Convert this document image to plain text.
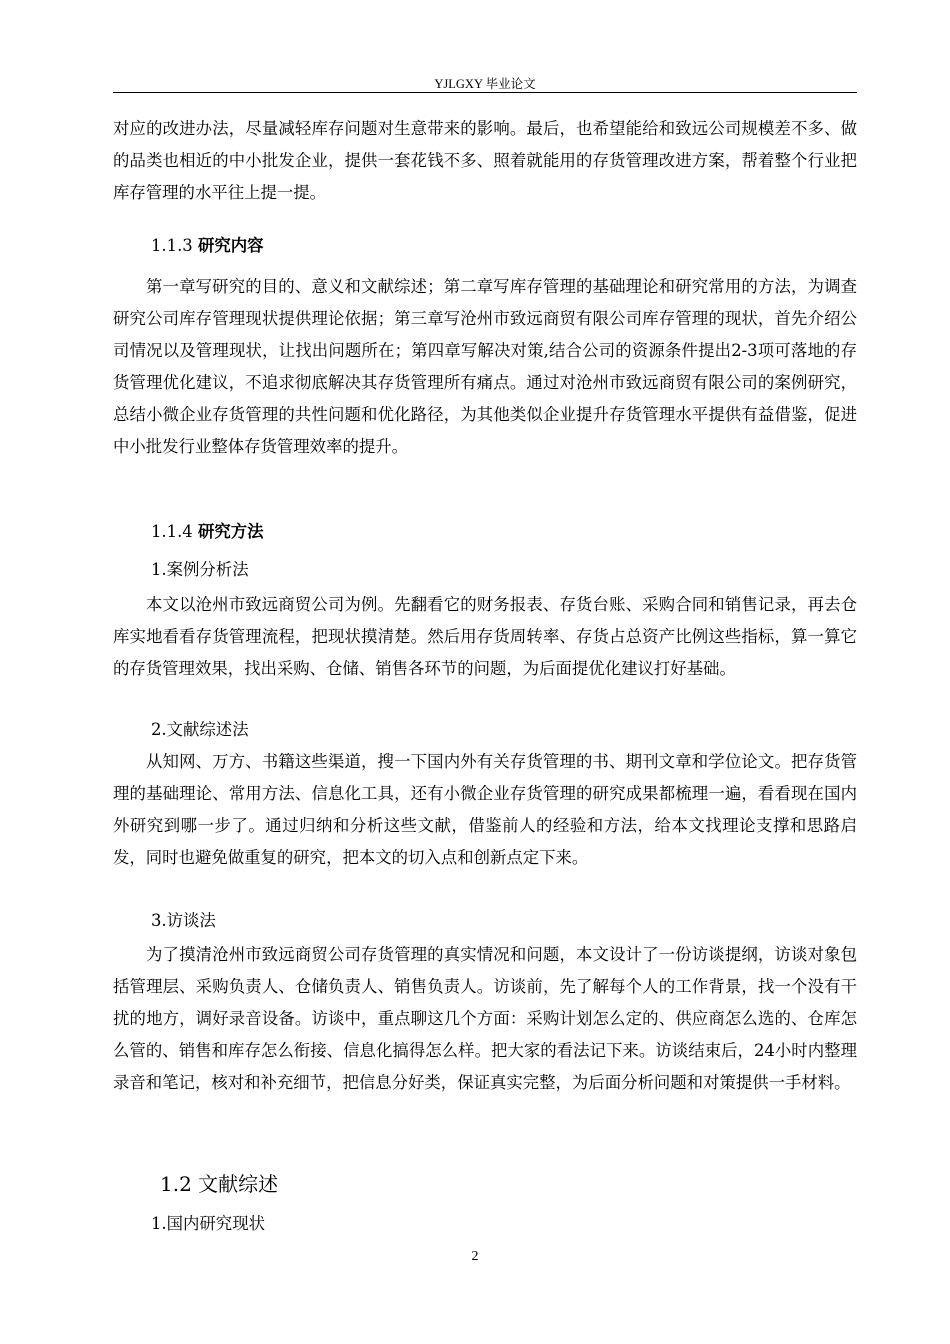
YJLGXY 毕业论文
对应的改进办法，尽量减轻库存问题对生意带来的影响。最后，也希望能给和致远公司规模差不多、做的品类也相近的中小批发企业，提供一套花钱不多、照着就能用的存货管理改进方案，帮着整个行业把库存管理的水平往上提一提。
1.1.3 研究内容
第一章写研究的目的、意义和文献综述；第二章写库存管理的基础理论和研究常用的方法，为调查研究公司库存管理现状提供理论依据；第三章写沧州市致远商贸有限公司库存管理的现状，首先介绍公司情况以及管理现状，让找出问题所在；第四章写解决对策,结合公司的资源条件提出2-3项可落地的存货管理优化建议，不追求彻底解决其存货管理所有痛点。通过对沧州市致远商贸有限公司的案例研究，总结小微企业存货管理的共性问题和优化路径，为其他类似企业提升存货管理水平提供有益借鉴，促进中小批发行业整体存货管理效率的提升。
1.1.4 研究方法
1.案例分析法
本文以沧州市致远商贸公司为例。先翻看它的财务报表、存货台账、采购合同和销售记录，再去仓库实地看看存货管理流程，把现状摸清楚。然后用存货周转率、存货占总资产比例这些指标，算一算它的存货管理效果，找出采购、仓储、销售各环节的问题，为后面提优化建议打好基础。
2.文献综述法
从知网、万方、书籍这些渠道，搜一下国内外有关存货管理的书、期刊文章和学位论文。把存货管理的基础理论、常用方法、信息化工具，还有小微企业存货管理的研究成果都梳理一遍，看看现在国内外研究到哪一步了。通过归纳和分析这些文献，借鉴前人的经验和方法，给本文找理论支撑和思路启发，同时也避免做重复的研究，把本文的切入点和创新点定下来。
3.访谈法
为了摸清沧州市致远商贸公司存货管理的真实情况和问题，本文设计了一份访谈提纲，访谈对象包括管理层、采购负责人、仓储负责人、销售负责人。访谈前，先了解每个人的工作背景，找一个没有干扰的地方，调好录音设备。访谈中，重点聊这几个方面：采购计划怎么定的、供应商怎么选的、仓库怎么管的、销售和库存怎么衔接、信息化搞得怎么样。把大家的看法记下来。访谈结束后，24小时内整理录音和笔记，核对和补充细节，把信息分好类，保证真实完整，为后面分析问题和对策提供一手材料。
1.2 文献综述
1.国内研究现状
2
